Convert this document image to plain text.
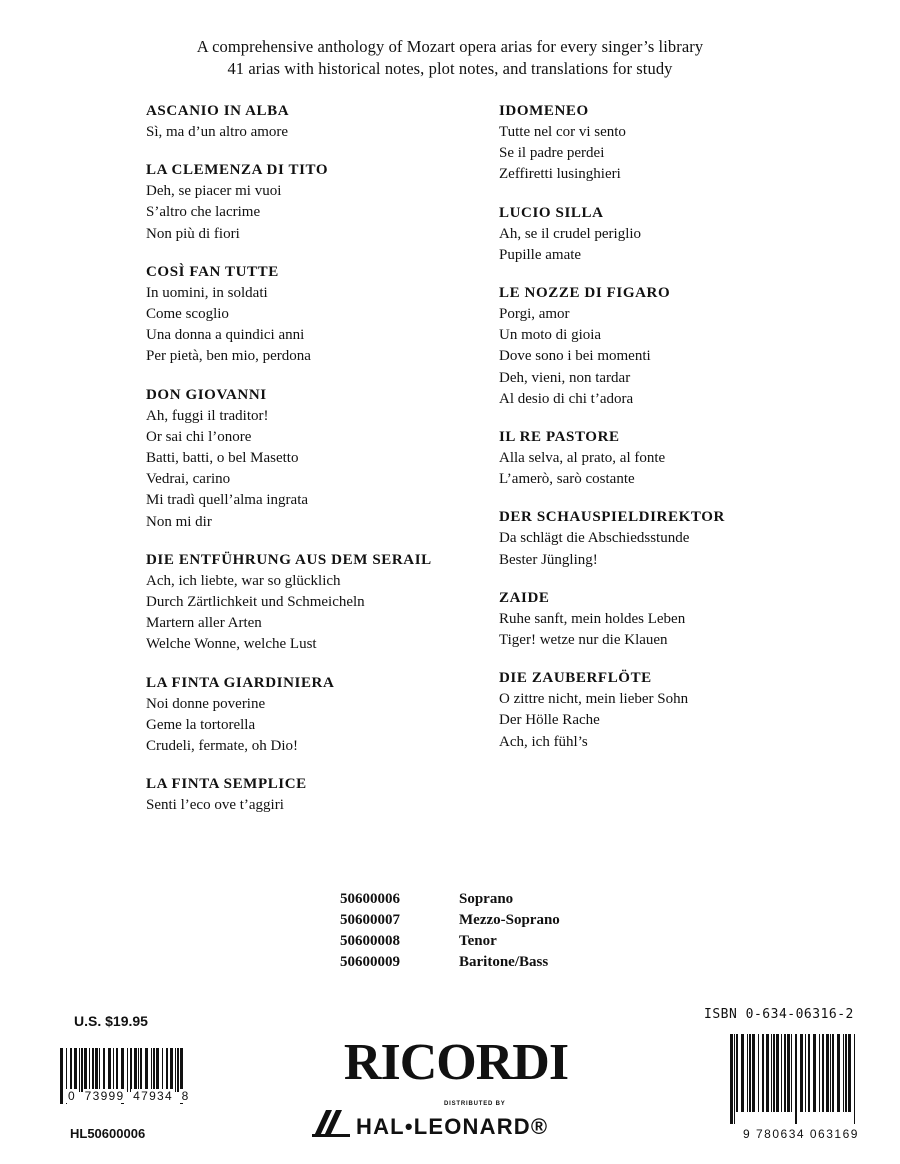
A comprehensive anthology of Mozart opera arias for every singer’s library
41 arias with historical notes, plot notes, and translations for study
ASCANIO IN ALBA
Sì, ma d’un altro amore
LA CLEMENZA DI TITO
Deh, se piacer mi vuoi
S’altro che lacrime
Non più di fiori
COSÌ FAN TUTTE
In uomini, in soldati
Come scoglio
Una donna a quindici anni
Per pietà, ben mio, perdona
DON GIOVANNI
Ah, fuggi il traditor!
Or sai chi l’onore
Batti, batti, o bel Masetto
Vedrai, carino
Mi tradì quell’alma ingrata
Non mi dir
DIE ENTFÜHRUNG AUS DEM SERAIL
Ach, ich liebte, war so glücklich
Durch Zärtlichkeit und Schmeicheln
Martern aller Arten
Welche Wonne, welche Lust
LA FINTA GIARDINIERA
Noi donne poverine
Geme la tortorella
Crudeli, fermate, oh Dio!
LA FINTA SEMPLICE
Senti l’eco ove t’aggiri
IDOMENEO
Tutte nel cor vi sento
Se il padre perdei
Zeffiretti lusinghieri
LUCIO SILLA
Ah, se il crudel periglio
Pupille amate
LE NOZZE DI FIGARO
Porgi, amor
Un moto di gioia
Dove sono i bei momenti
Deh, vieni, non tardar
Al desio di chi t’adora
IL RE PASTORE
Alla selva, al prato, al fonte
L’amerò, sarò costante
DER SCHAUSPIELDIREKTOR
Da schlägt die Abschiedsstunde
Bester Jüngling!
ZAIDE
Ruhe sanft, mein holdes Leben
Tiger! wetze nur die Klauen
DIE ZAUBERFLÖTE
O zittre nicht, mein lieber Sohn
Der Hölle Rache
Ach, ich fühl’s
50600006	Soprano
50600007	Mezzo-Soprano
50600008	Tenor
50600009	Baritone/Bass
U.S. $19.95
0 73999 47934 8
HL50600006
RICORDI
DISTRIBUTED BY
HAL•LEONARD®
ISBN 0-634-06316-2
9 780634 063169
